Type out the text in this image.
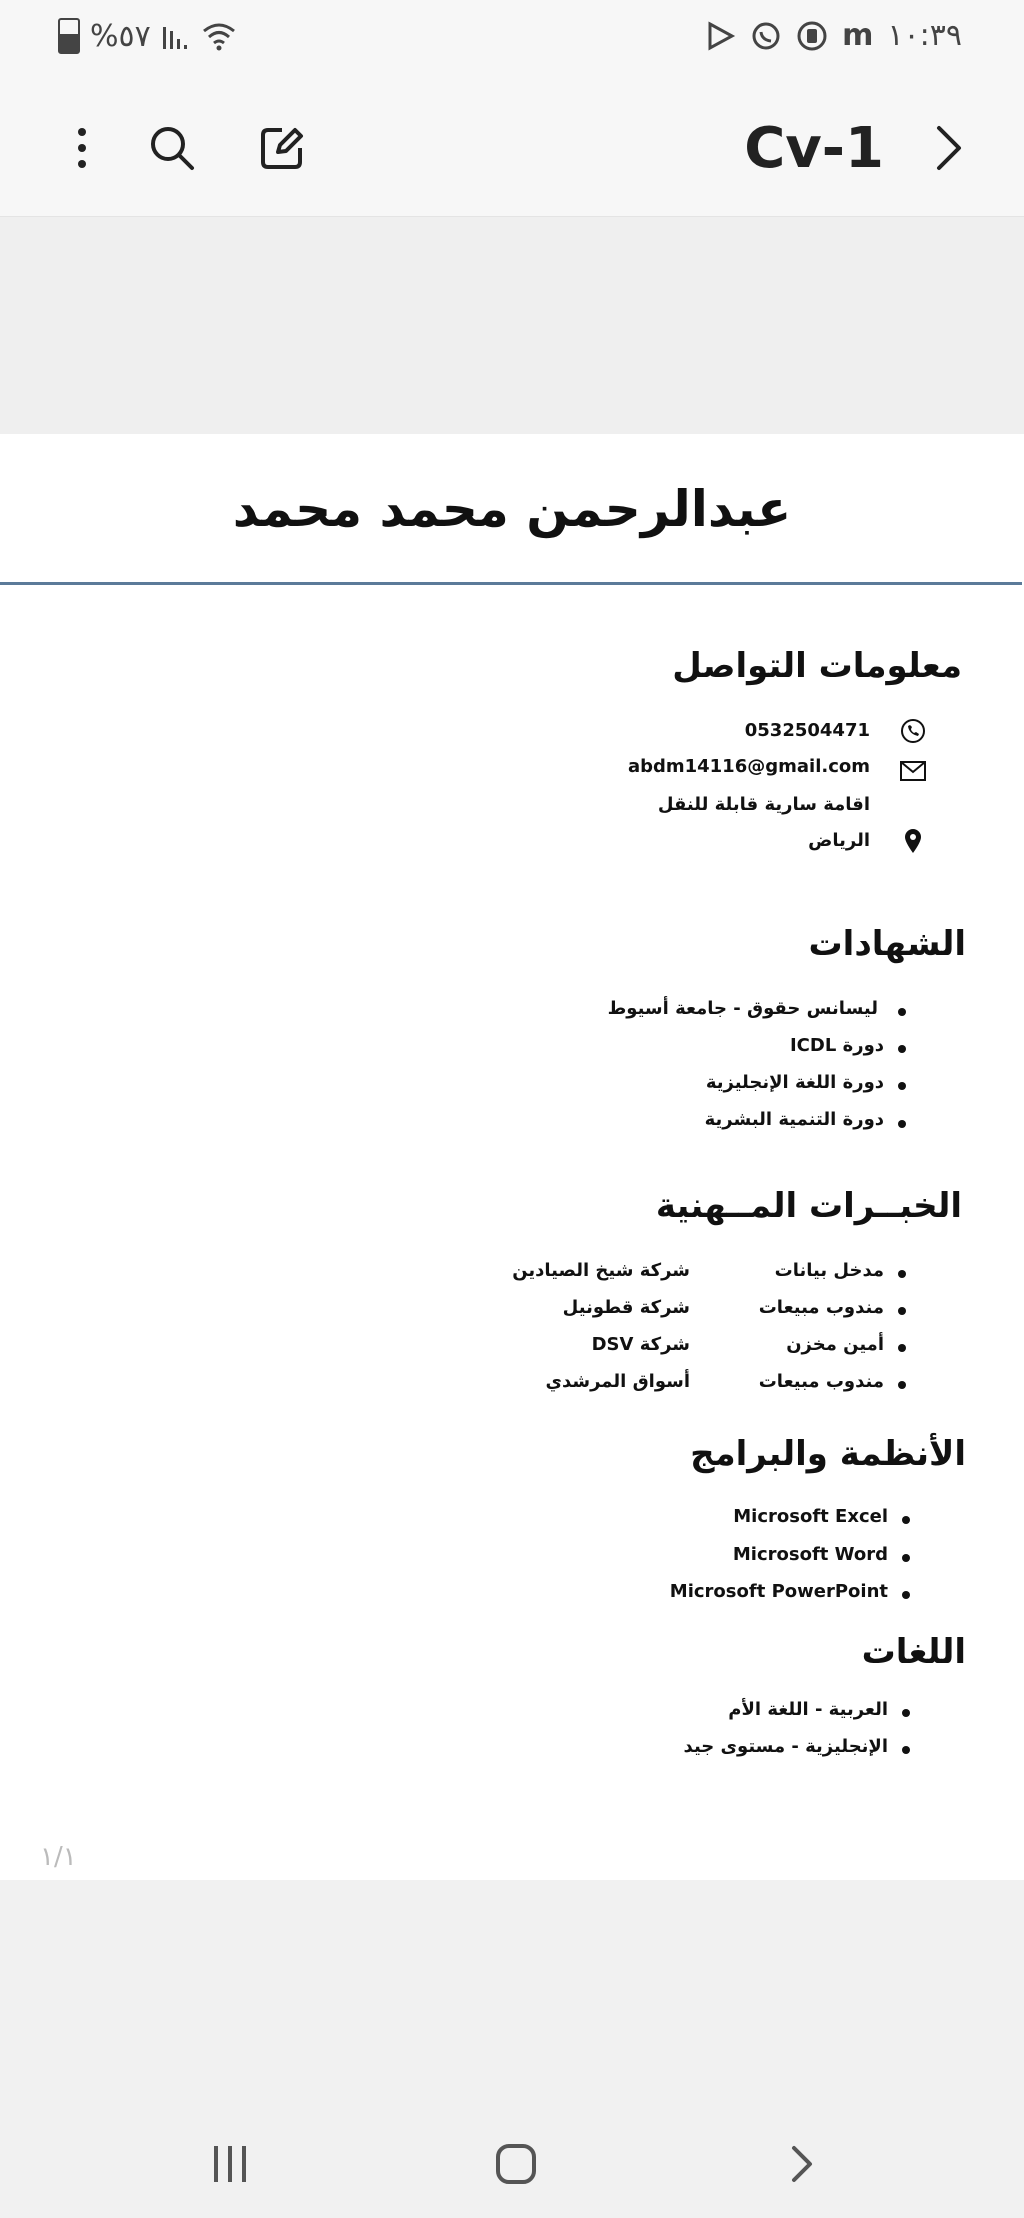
%٥٧	m ١٠:٣٩
Cv-1
عبدالرحمن محمد محمد
معلومات التواصل
0532504471
abdm14116@gmail.com
اقامة سارية قابلة للنقل
الرياض
الشهادات
ليسانس حقوق - جامعة أسيوط
دورة ICDL
دورة اللغة الإنجليزية
دورة التنمية البشرية
الخبــرات المــهنية
مدخل بيانات
شركة شيخ الصيادين
مندوب مبيعات
شركة قطونيل
أمين مخزن
شركة DSV
مندوب مبيعات
أسواق المرشدي
الأنظمة والبرامج
Microsoft Excel
Microsoft Word
Microsoft PowerPoint
اللغات
العربية - اللغة الأم
الإنجليزية - مستوى جيد
١/١
